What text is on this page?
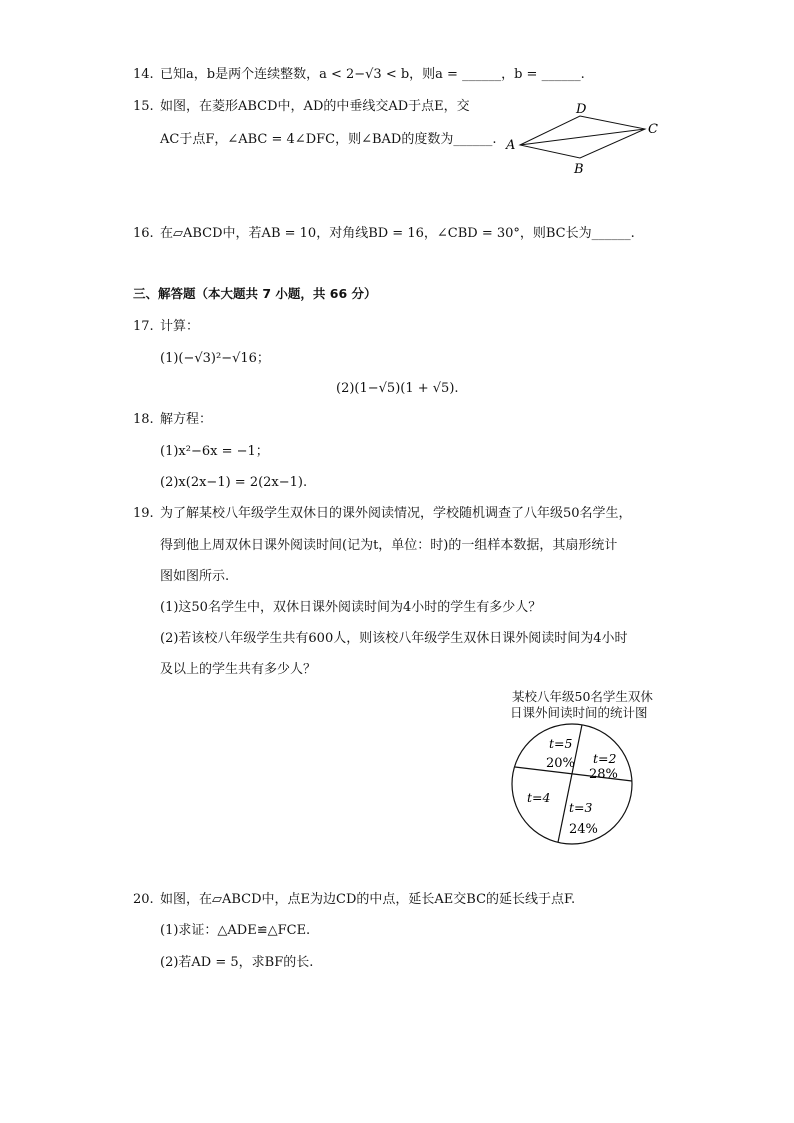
14. 已知a，b是两个连续整数，a < 2−√3 < b，则a = ______，b = ______.
15. 如图，在菱形ABCD中，AD的中垂线交AD于点E，交
AC于点F，∠ABC = 4∠DFC，则∠BAD的度数为______. A
D
C
B
16. 在▱ABCD中，若AB = 10，对角线BD = 16，∠CBD = 30°，则BC长为______.
三、解答题（本大题共 7 小题，共 66 分）
17. 计算：
(1)(−√3)²−√16；
(2)(1−√5)(1 + √5).
18. 解方程：
(1)x²−6x = −1；
(2)x(2x−1) = 2(2x−1).
19. 为了解某校八年级学生双休日的课外阅读情况，学校随机调查了八年级50名学生，
得到他上周双休日课外阅读时间(记为t，单位：时)的一组样本数据，其扇形统计
图如图所示.
(1)这50名学生中，双休日课外阅读时间为4小时的学生有多少人？
(2)若该校八年级学生共有600人，则该校八年级学生双休日课外阅读时间为4小时
及以上的学生共有多少人？
某校八年级50名学生双休
日课外间读时间的统计图
t=5
20% t=2
28%
t=3
24%
t=4
20. 如图，在▱ABCD中，点E为边CD的中点，延长AE交BC的延长线于点F.
(1)求证：△ADE≌△FCE.
(2)若AD = 5，求BF的长.
